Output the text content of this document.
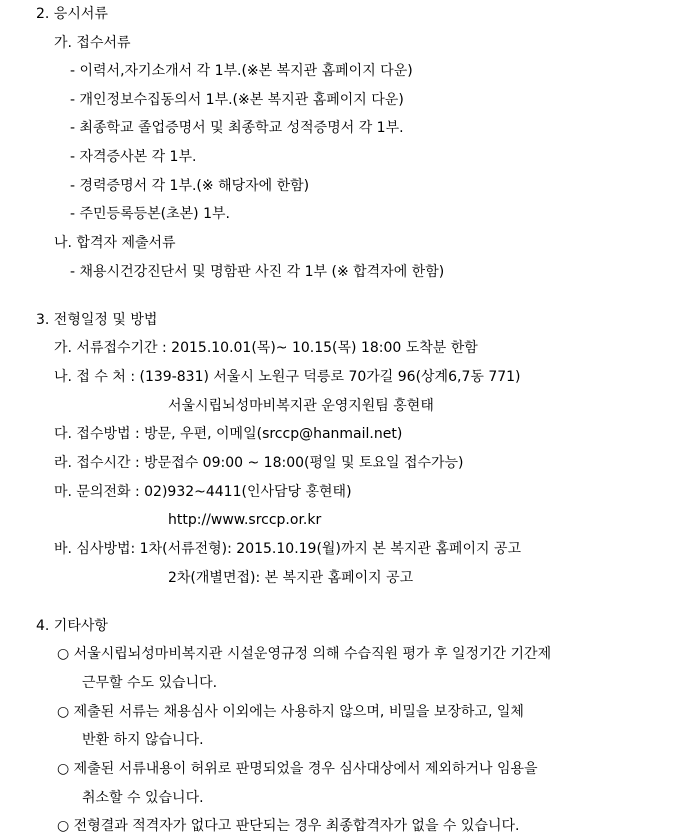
2. 응시서류
가. 접수서류
- 이력서,자기소개서 각 1부.(※본 복지관 홈페이지 다운)
- 개인정보수집동의서 1부.(※본 복지관 홈페이지 다운)
- 최종학교 졸업증명서 및 최종학교 성적증명서 각 1부.
- 자격증사본 각 1부.
- 경력증명서 각 1부.(※ 해당자에 한함)
- 주민등록등본(초본) 1부.
나. 합격자 제출서류
- 채용시건강진단서 및 명함판 사진 각 1부 (※ 합격자에 한함)
3. 전형일정 및 방법
가. 서류접수기간 : 2015.10.01(목)~ 10.15(목) 18:00 도착분 한함
나. 접 수 처 : (139-831) 서울시 노원구 덕릉로 70가길 96(상계6,7동 771)
서울시립뇌성마비복지관 운영지원팀 홍현태
다. 접수방법 : 방문, 우편, 이메일(srccp@hanmail.net)
라. 접수시간 : 방문접수 09:00 ~ 18:00(평일 및 토요일 접수가능)
마. 문의전화 : 02)932~4411(인사담당 홍현태)
http://www.srccp.or.kr
바. 심사방법: 1차(서류전형): 2015.10.19(월)까지 본 복지관 홈페이지 공고
2차(개별면접): 본 복지관 홈페이지 공고
4. 기타사항
○ 서울시립뇌성마비복지관 시설운영규정 의해 수습직원 평가 후 일정기간 기간제
근무할 수도 있습니다.
○ 제출된 서류는 채용심사 이외에는 사용하지 않으며, 비밀을 보장하고, 일체
반환 하지 않습니다.
○ 제출된 서류내용이 허위로 판명되었을 경우 심사대상에서 제외하거나 임용을
취소할 수 있습니다.
○ 전형결과 적격자가 없다고 판단되는 경우 최종합격자가 없을 수 있습니다.
